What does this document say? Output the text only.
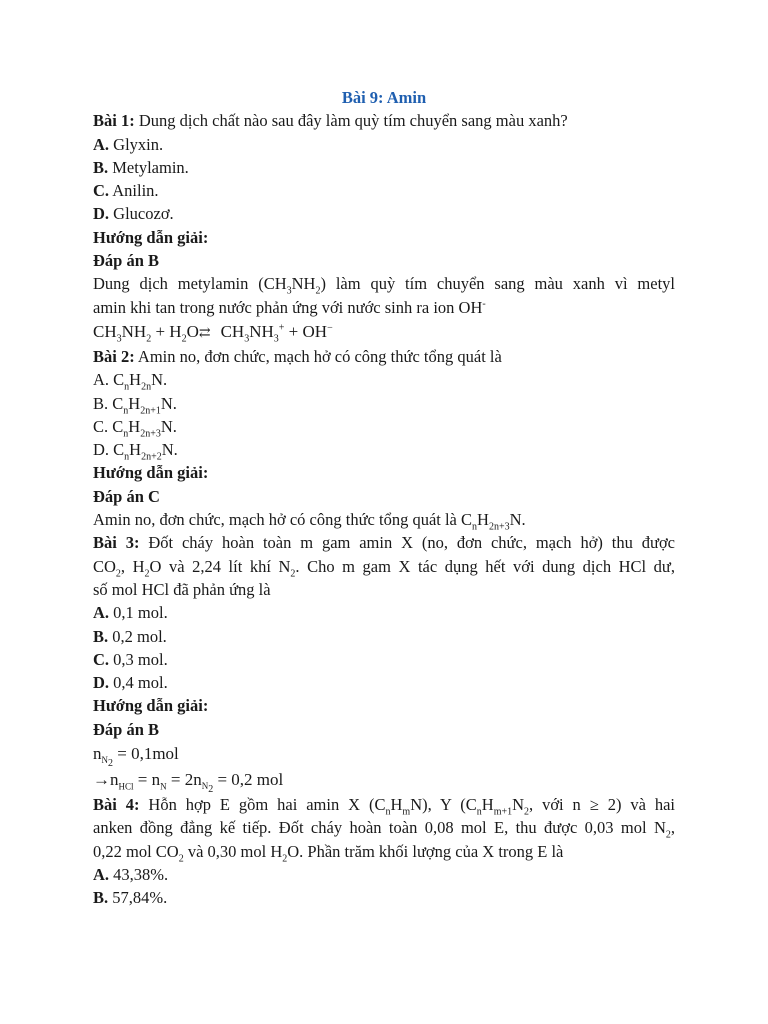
Bài 9: Amin
Bài 1: Dung dịch chất nào sau đây làm quỳ tím chuyển sang màu xanh?
A. Glyxin.
B. Metylamin.
C. Anilin.
D. Glucozơ.
Hướng dẫn giải:
Đáp án B
Dung dịch metylamin $(CH_3NH_2)$ làm quỳ tím chuyển sang màu xanh vì metyl
amin khi tan trong nước phản ứng với nước sinh ra ion OH-
$CH_3NH_2$ + $H_2O⇄$ $CH_3NH_3^+ + OH^-$
Bài 2: Amin no, đơn chức, mạch hở có công thức tổng quát là
A. $C_nH_{2n}N$.
B. $C_nH_{2n+1}N$.
C. $C_nH_{2n+3}N$.
D. $C_nH_{2n+2}N$.
Hướng dẫn giải:
Đáp án C
Amin no, đơn chức, mạch hở có công thức tổng quát là $C_nH_{2n+3}N$.
Bài 3: Đốt cháy hoàn toàn m gam amin X (no, đơn chức, mạch hở) thu được
$CO_2$, $H_2O$ và 2,24 lít khí $N_2$. Cho m gam X tác dụng hết với dung dịch HCl dư,
số mol HCl đã phản ứng là
A. 0,1 mol.
B. 0,2 mol.
C. 0,3 mol.
D. 0,4 mol.
Hướng dẫn giải:
Đáp án B
$n_{N_2} = 0,1mol$
$\to n_{HCl} = n_N = 2n_{N_2} = 0,2$ mol
Bài 4: Hỗn hợp E gồm hai amin X $(C_nH_mN)$, Y ($C_nH_{m+1}N_2$, với n ≥ 2) và hai
anken đồng đẳng kế tiếp. Đốt cháy hoàn toàn 0,08 mol E, thu được 0,03 mol $N_2$,
0,22 mol $CO_2$ và 0,30 mol $H_2O$. Phần trăm khối lượng của X trong E là
A. 43,38%.
B. 57,84%.
